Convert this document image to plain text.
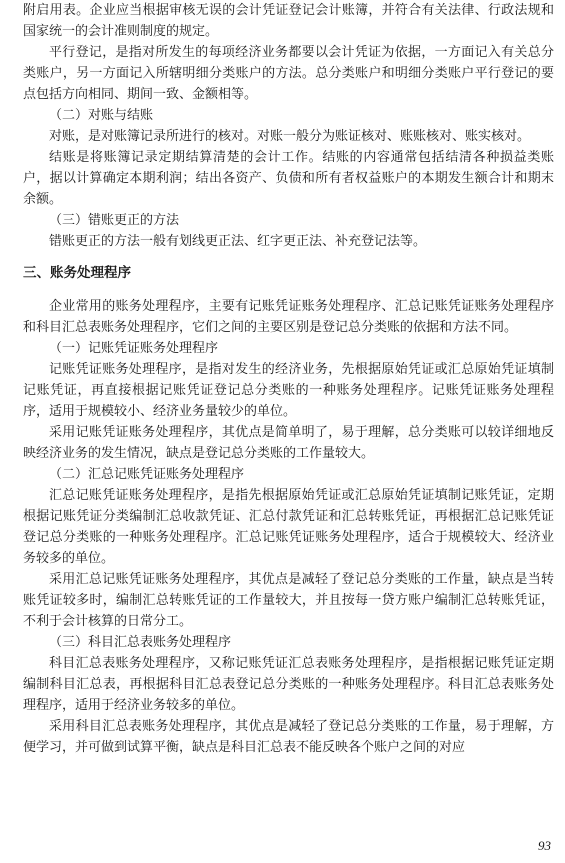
附启用表。企业应当根据审核无误的会计凭证登记会计账簿，并符合有关法律、行政法规和国家统一的会计准则制度的规定。

平行登记，是指对所发生的每项经济业务都要以会计凭证为依据，一方面记入有关总分类账户，另一方面记入所辖明细分类账户的方法。总分类账户和明细分类账户平行登记的要点包括方向相同、期间一致、金额相等。

（二）对账与结账

对账，是对账簿记录所进行的核对。对账一般分为账证核对、账账核对、账实核对。

结账是将账簿记录定期结算清楚的会计工作。结账的内容通常包括结清各种损益类账户，据以计算确定本期利润；结出各资产、负债和所有者权益账户的本期发生额合计和期末余额。

（三）错账更正的方法

错账更正的方法一般有划线更正法、红字更正法、补充登记法等。

三、账务处理程序

企业常用的账务处理程序，主要有记账凭证账务处理程序、汇总记账凭证账务处理程序和科目汇总表账务处理程序，它们之间的主要区别是登记总分类账的依据和方法不同。

（一）记账凭证账务处理程序

记账凭证账务处理程序，是指对发生的经济业务，先根据原始凭证或汇总原始凭证填制记账凭证，再直接根据记账凭证登记总分类账的一种账务处理程序。记账凭证账务处理程序，适用于规模较小、经济业务量较少的单位。

采用记账凭证账务处理程序，其优点是简单明了，易于理解，总分类账可以较详细地反映经济业务的发生情况，缺点是登记总分类账的工作量较大。

（二）汇总记账凭证账务处理程序

汇总记账凭证账务处理程序，是指先根据原始凭证或汇总原始凭证填制记账凭证，定期根据记账凭证分类编制汇总收款凭证、汇总付款凭证和汇总转账凭证，再根据汇总记账凭证登记总分类账的一种账务处理程序。汇总记账凭证账务处理程序，适合于规模较大、经济业务较多的单位。

采用汇总记账凭证账务处理程序，其优点是减轻了登记总分类账的工作量，缺点是当转账凭证较多时，编制汇总转账凭证的工作量较大，并且按每一贷方账户编制汇总转账凭证，不利于会计核算的日常分工。

（三）科目汇总表账务处理程序

科目汇总表账务处理程序，又称记账凭证汇总表账务处理程序，是指根据记账凭证定期编制科目汇总表，再根据科目汇总表登记总分类账的一种账务处理程序。科目汇总表账务处理程序，适用于经济业务较多的单位。

采用科目汇总表账务处理程序，其优点是减轻了登记总分类账的工作量，易于理解，方便学习，并可做到试算平衡，缺点是科目汇总表不能反映各个账户之间的对应

93
